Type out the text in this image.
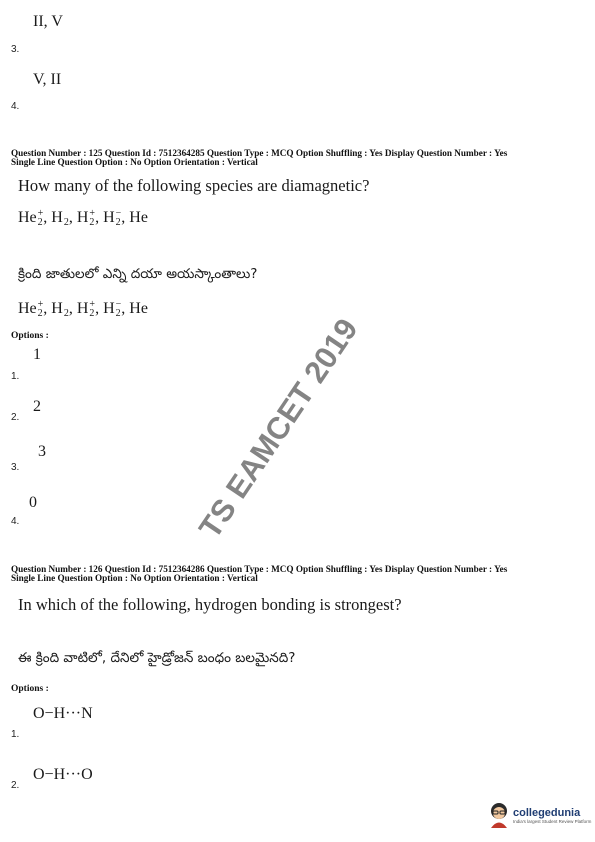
II, V
3.
V, II
4.
Question Number : 125 Question Id : 7512364285 Question Type : MCQ Option Shuffling : Yes Display Question Number : Yes
Single Line Question Option : No Option Orientation : Vertical
How many of the following species are diamagnetic?
He +
2 , H
2 , H +
2 , H −
2 , He
క్రింది జాతులలో ఎన్ని దయా అయస్కాంతాలు?
He +
2 , H
2 , H +
2 , H −
2 , He
Options :
1
1.
2
2.
3
3.
0
4.
Question Number : 126 Question Id : 7512364286 Question Type : MCQ Option Shuffling : Yes Display Question Number : Yes
Single Line Question Option : No Option Orientation : Vertical
In which of the following, hydrogen bonding is strongest?
ఈ క్రింది వాటిలో, దేనిలో హైడ్రోజన్ బంధం బలమైనది?
Options :
O−H···N
1.
O−H···O
2.
TS EAMCET 2019
collegedunia
India's largest Student Review Platform
